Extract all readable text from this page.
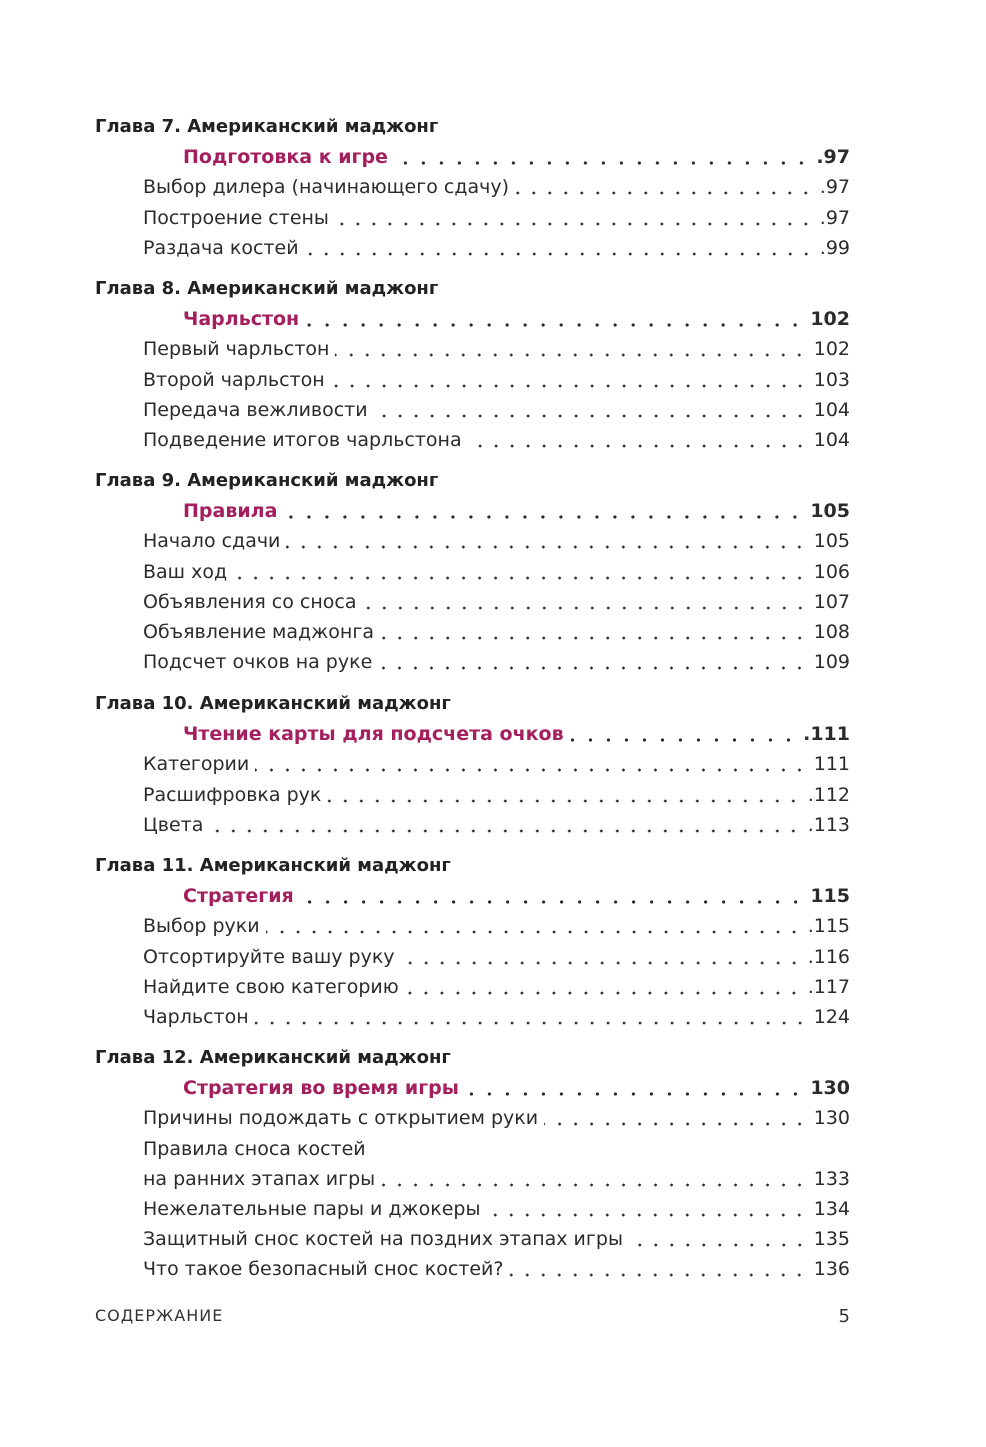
Глава 7. Американский маджонг
Подготовка к игре	.97
Выбор дилера (начинающего сдачу)	.97
Построение стены	.97
Раздача костей	.99
Глава 8. Американский маджонг
Чарльстон	102
Первый чарльстон	102
Второй чарльстон	103
Передача вежливости	104
Подведение итогов чарльстона	104
Глава 9. Американский маджонг
Правила	105
Начало сдачи	105
Ваш ход	106
Объявления со сноса	107
Объявление маджонга	108
Подсчет очков на руке	109
Глава 10. Американский маджонг
Чтение карты для подсчета очков	.111
Категории	111
Расшифровка рук	.112
Цвета	.113
Глава 11. Американский маджонг
Стратегия	115
Выбор руки	.115
Отсортируйте вашу руку	.116
Найдите свою категорию	.117
Чарльстон	124
Глава 12. Американский маджонг
Стратегия во время игры	130
Причины подождать с открытием руки	130
Правила сноса костей
на ранних этапах игры	133
Нежелательные пары и джокеры	134
Защитный снос костей на поздних этапах игры	135
Что такое безопасный снос костей?	136
СОДЕРЖАНИЕ	5
